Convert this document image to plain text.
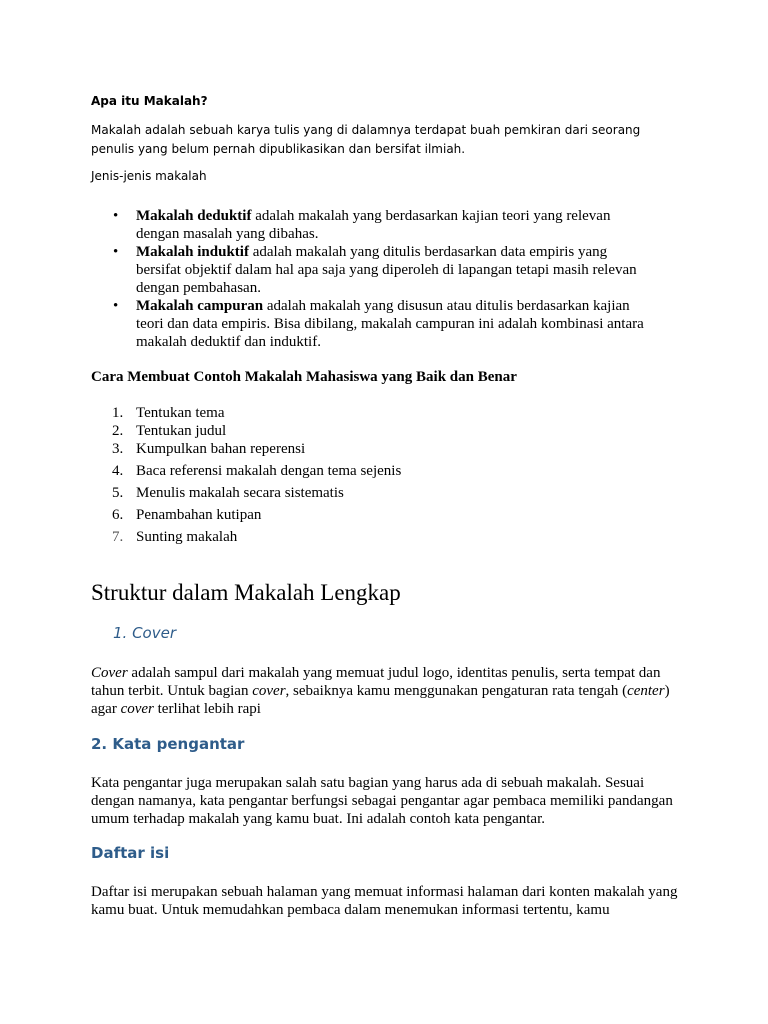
Apa itu Makalah?

Makalah adalah sebuah karya tulis yang di dalamnya terdapat buah pemkiran dari seorang penulis yang belum pernah dipublikasikan dan bersifat ilmiah.

Jenis-jenis makalah

• Makalah deduktif adalah makalah yang berdasarkan kajian teori yang relevan dengan masalah yang dibahas.
• Makalah induktif adalah makalah yang ditulis berdasarkan data empiris yang bersifat objektif dalam hal apa saja yang diperoleh di lapangan tetapi masih relevan dengan pembahasan.
• Makalah campuran adalah makalah yang disusun atau ditulis berdasarkan kajian teori dan data empiris. Bisa dibilang, makalah campuran ini adalah kombinasi antara makalah deduktif dan induktif.
Cara Membuat Contoh Makalah Mahasiswa yang Baik dan Benar
1. Tentukan tema
2. Tentukan judul
3. Kumpulkan bahan reperensi
4. Baca referensi makalah dengan tema sejenis
5. Menulis makalah secara sistematis
6. Penambahan kutipan
7. Sunting makalah
Struktur dalam Makalah Lengkap
1. Cover

Cover adalah sampul dari makalah yang memuat judul logo, identitas penulis, serta tempat dan tahun terbit. Untuk bagian cover, sebaiknya kamu menggunakan pengaturan rata tengah (center) agar cover terlihat lebih rapi

2. Kata pengantar

Kata pengantar juga merupakan salah satu bagian yang harus ada di sebuah makalah. Sesuai dengan namanya, kata pengantar berfungsi sebagai pengantar agar pembaca memiliki pandangan umum terhadap makalah yang kamu buat. Ini adalah contoh kata pengantar.

Daftar isi

Daftar isi merupakan sebuah halaman yang memuat informasi halaman dari konten makalah yang kamu buat. Untuk memudahkan pembaca dalam menemukan informasi tertentu, kamu
